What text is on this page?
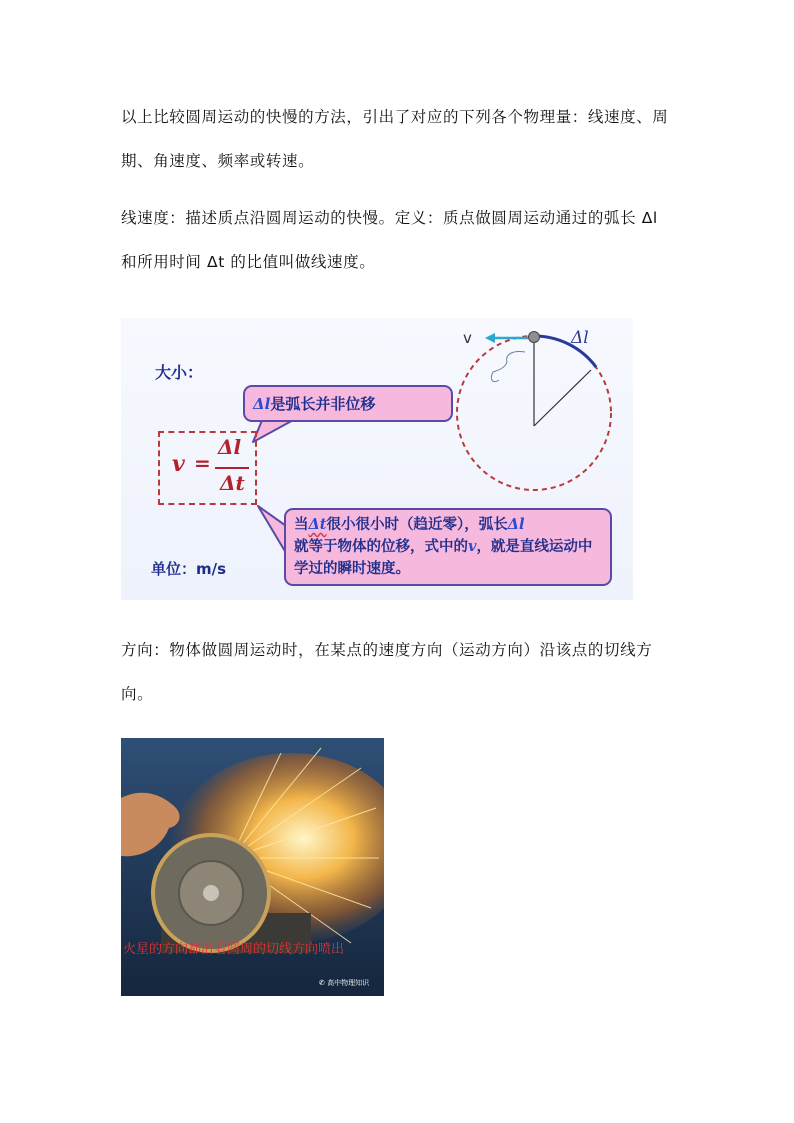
以上比较圆周运动的快慢的方法，引出了对应的下列各个物理量：线速度、周期、角速度、频率或转速。

线速度：描述质点沿圆周运动的快慢。定义：质点做圆周运动通过的弧长 Δl 和所用时间 Δt 的比值叫做线速度。

v	Δl
大小：
v =
Δl
Δt
Δl是弧长并非位移
当Δt很小很小时（趋近零），弧长Δl
就等于物体的位移，式中的v，就是直线运动中学过的瞬时速度。
单位：m/s

方向：物体做圆周运动时，在某点的速度方向（运动方向）沿该点的切线方向。

火星的方向都沿着圆周的切线方向喷出
✆ 高中物理知识
